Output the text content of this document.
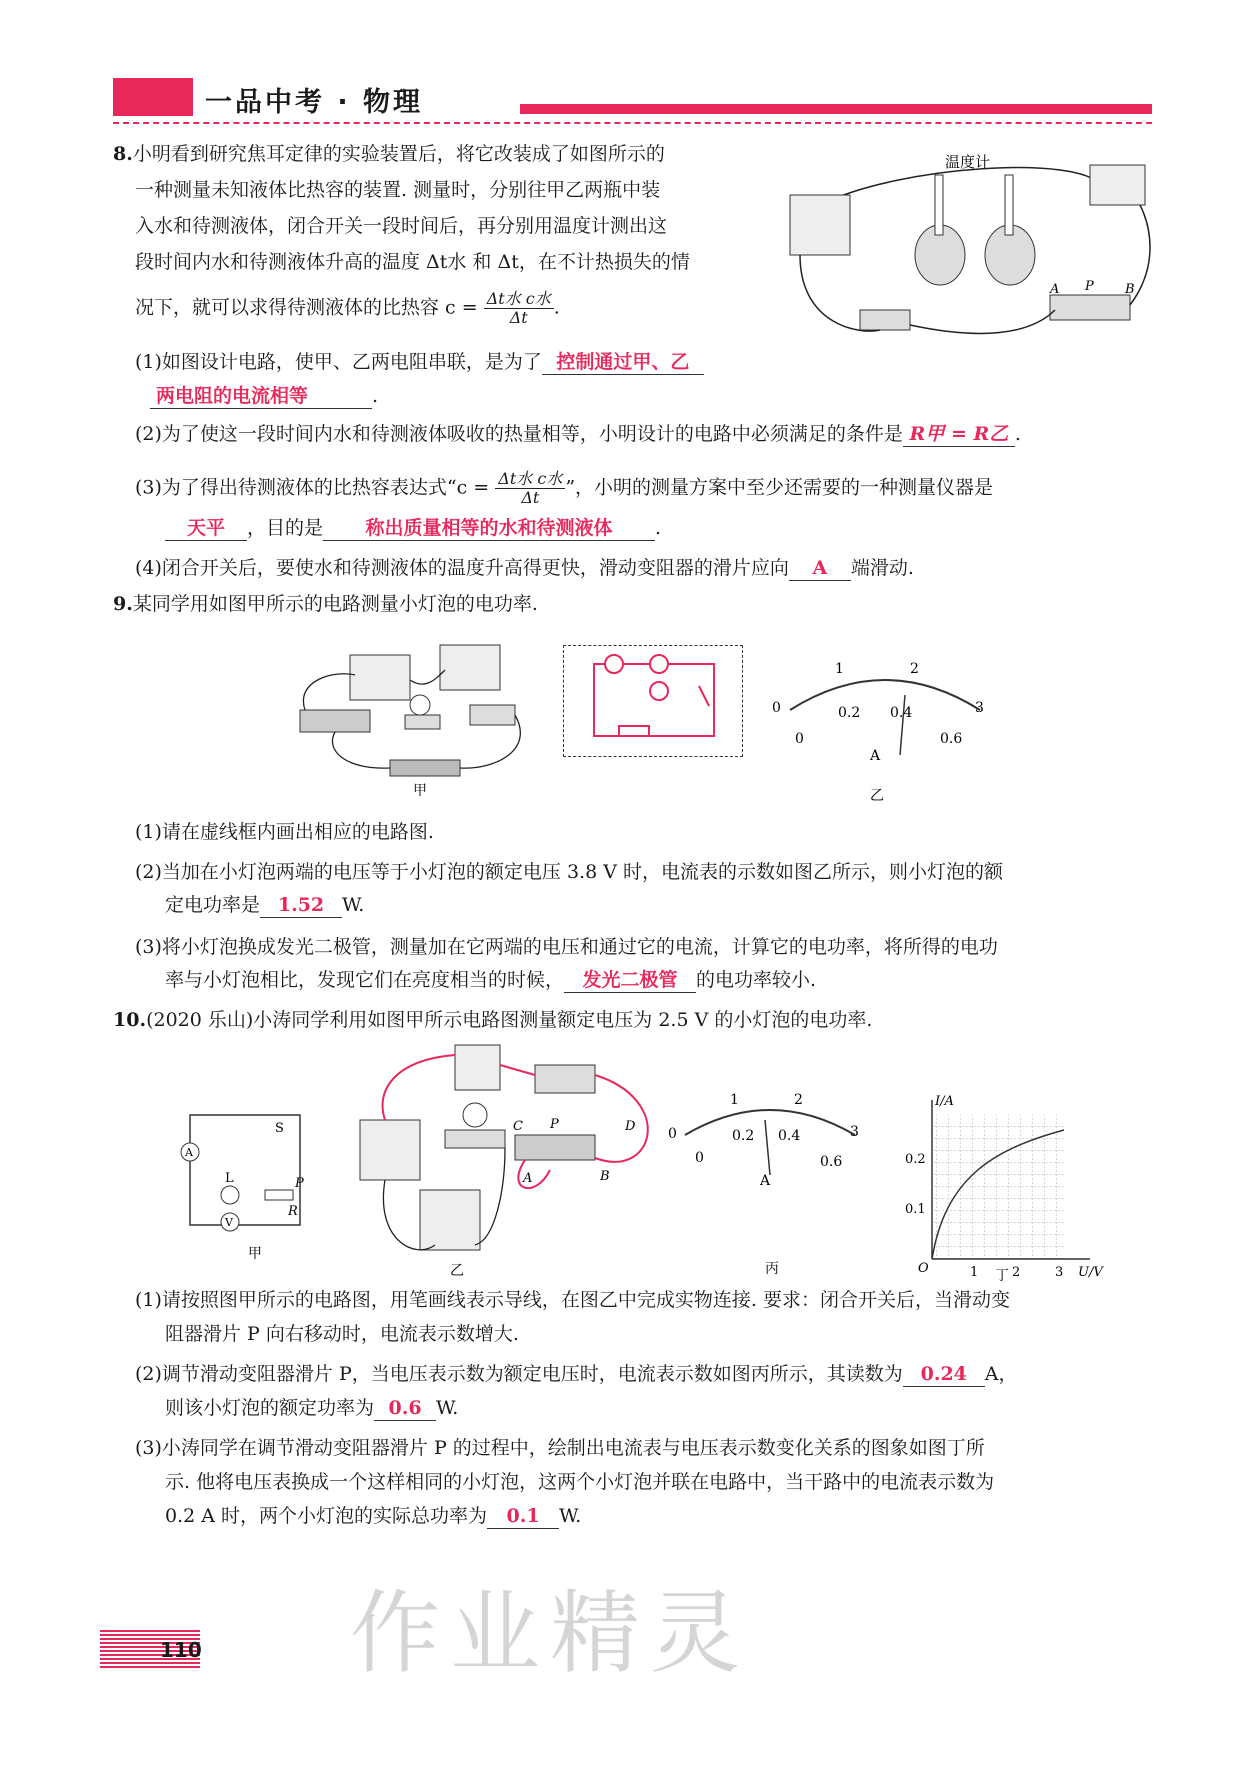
一品中考 · 物理
8.小明看到研究焦耳定律的实验装置后，将它改装成了如图所示的
一种测量未知液体比热容的装置. 测量时，分别往甲乙两瓶中装
入水和待测液体，闭合开关一段时间后，再分别用温度计测出这
段时间内水和待测液体升高的温度 Δt水 和 Δt，在不计热损失的情
况下，就可以求得待测液体的比热容 $c = \frac{\text{Δt水 c水}}{\Delta t}$.
温度计
A P B
(1)如图设计电路，使甲、乙两电阻串联，是为了 控制通过甲、乙
两电阻的电流相等	.
(2)为了使这一段时间内水和待测液体吸收的热量相等，小明设计的电路中必须满足的条件是 R甲 = R乙 .
(3)为了得出待测液体的比热容表达式“$c = \frac{\text{Δt水 c水}}{\Delta t}$”，小明的测量方案中至少还需要的一种测量仪器是
天平 ，目的是 称出质量相等的水和待测液体 .
(4)闭合开关后，要使水和待测液体的温度升高得更快，滑动变阻器的滑片应向 A 端滑动.
9.某同学用如图甲所示的电路测量小灯泡的电功率.
甲
1	2
0	0.2 0.4	3
0	0.6
A
乙
(1)请在虚线框内画出相应的电路图.
(2)当加在小灯泡两端的电压等于小灯泡的额定电压 3.8 V 时，电流表的示数如图乙所示，则小灯泡的额
定电功率是 1.52 W.
(3)将小灯泡换成发光二极管，测量加在它两端的电压和通过它的电流，计算它的电功率，将所得的电功
率与小灯泡相比，发现它们在亮度相当的时候， 发光二极管 的电功率较小.
10.(2020 乐山)小涛同学利用如图甲所示电路图测量额定电压为 2.5 V 的小灯泡的电功率.
S
A
L	P
R
V
甲
C P	D
A	B
乙
1	2
0	0.2 0.4	3
0	0.6
A
丙
I/A
U/V
0.2
0.1
1	2	3
O	丁
(1)请按照图甲所示的电路图，用笔画线表示导线，在图乙中完成实物连接. 要求：闭合开关后，当滑动变
阻器滑片 P 向右移动时，电流表示数增大.
(2)调节滑动变阻器滑片 P，当电压表示数为额定电压时，电流表示数如图丙所示，其读数为 0.24 A，
则该小灯泡的额定功率为 0.6 W.
(3)小涛同学在调节滑动变阻器滑片 P 的过程中，绘制出电流表与电压表示数变化关系的图象如图丁所
示. 他将电压表换成一个这样相同的小灯泡，这两个小灯泡并联在电路中，当干路中的电流表示数为
0.2 A 时，两个小灯泡的实际总功率为 0.1 W.
作业精灵
110
